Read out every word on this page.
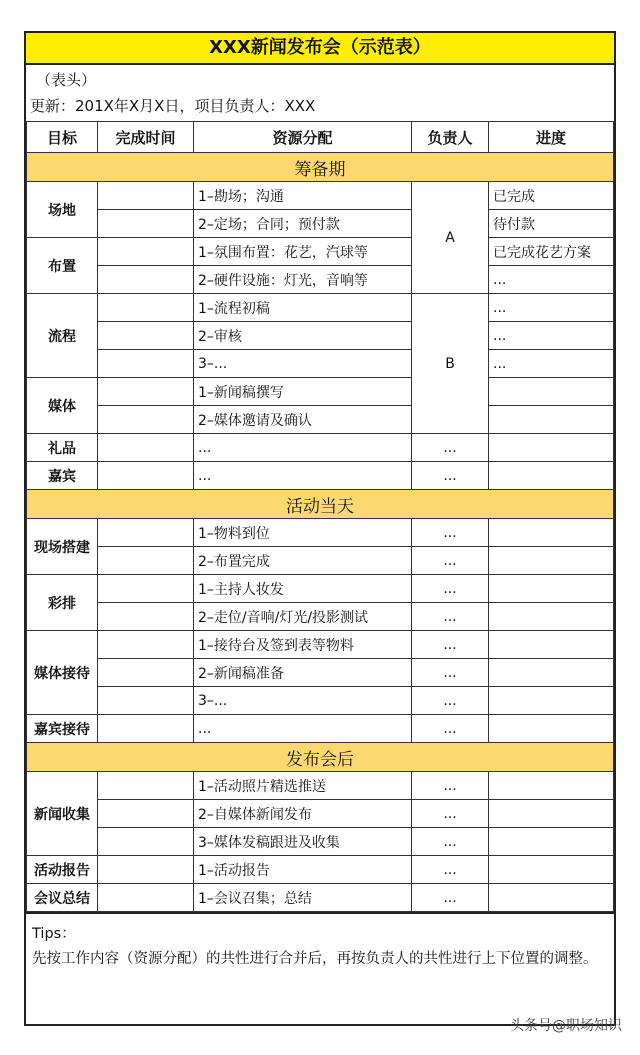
XXX新闻发布会（示范表）
（表头）
更新：201X年X月X日，项目负责人：XXX
目标	完成时间	资源分配	负责人	进度
筹备期				
场地		1–勘场；沟通	A	已完成
		2–定场；合同；预付款		待付款
布置		1–氛围布置：花艺，汽球等		已完成花艺方案
		2–硬件设施：灯光，音响等		...
流程		1–流程初稿	B	...
		2–审核		...
		3–...		...
媒体		1–新闻稿撰写		
		2–媒体邀请及确认		
礼品		...	...	
嘉宾		...	...	
活动当天				
现场搭建		1–物料到位	...	
		2–布置完成	...	
彩排		1–主持人妆发	...	
		2–走位/音响/灯光/投影测试	...	
媒体接待		1–接待台及签到表等物料	...	
		2–新闻稿准备	...	
		3–...	...	
嘉宾接待		...	...	
发布会后				
新闻收集		1–活动照片精选推送	...	
		2–自媒体新闻发布	...	
		3–媒体发稿跟进及收集	...	
活动报告		1–活动报告	...	
会议总结		1–会议召集；总结	...	
Tips：
先按工作内容（资源分配）的共性进行合并后，再按负责人的共性进行上下位置的调整。
头条号@职场知识
